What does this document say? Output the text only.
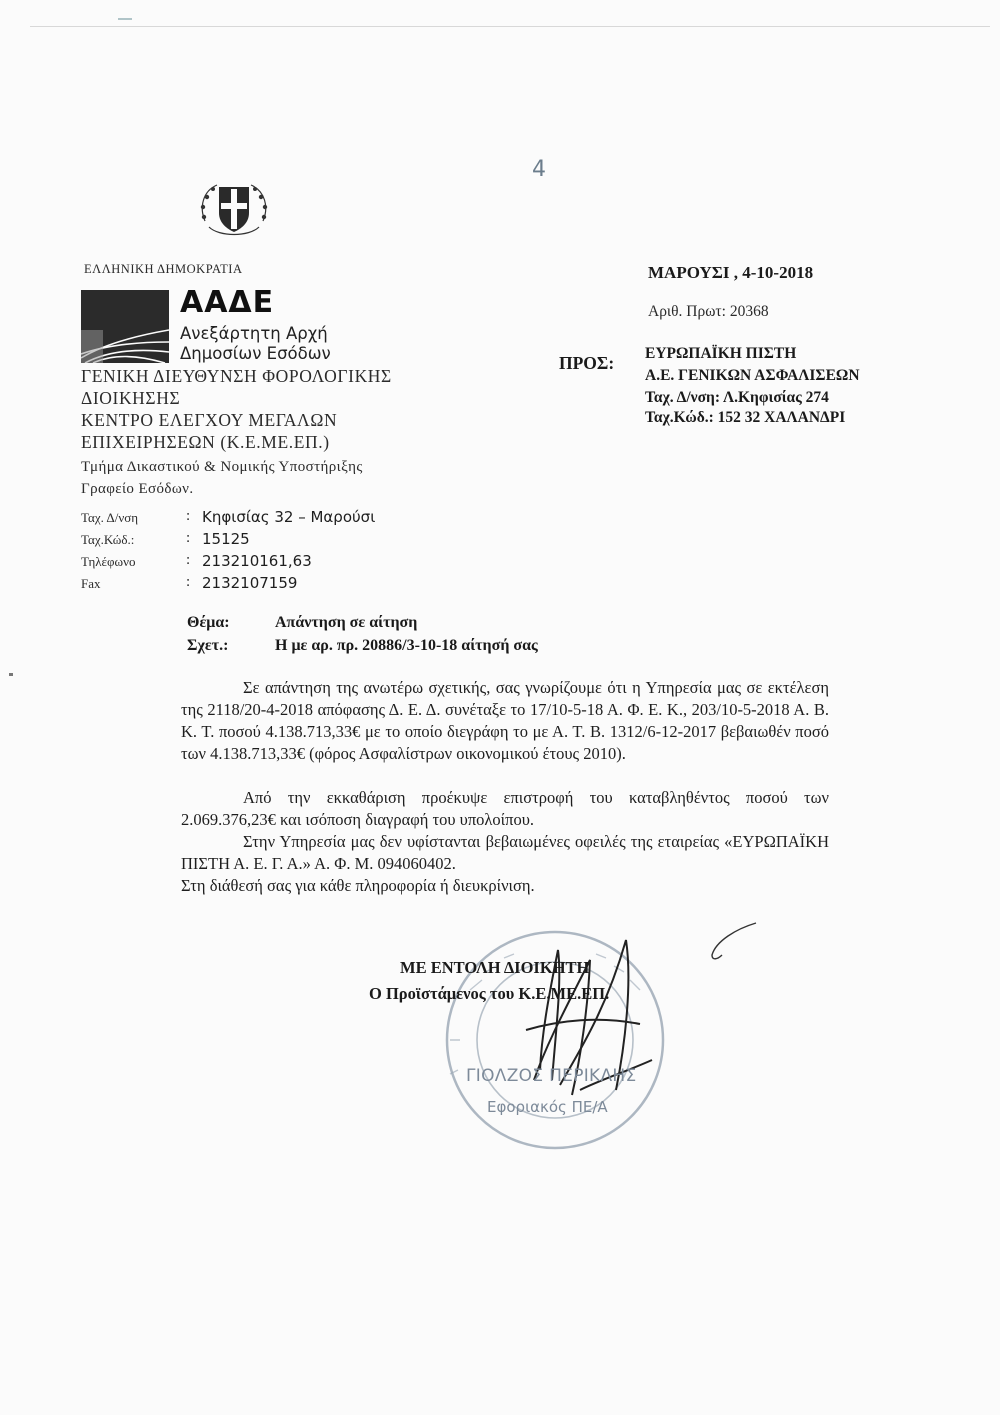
4
ΕΛΛΗΝΙΚΗ ΔΗΜΟΚΡΑΤΙΑ
ΑΑΔΕ
Ανεξάρτητη Αρχή
Δημοσίων Εσόδων
ΓΕΝΙΚΗ ΔΙΕΥΘΥΝΣΗ ΦΟΡΟΛΟΓΙΚΗΣ
ΔΙΟΙΚΗΣΗΣ
ΚΕΝΤΡΟ ΕΛΕΓΧΟΥ ΜΕΓΑΛΩΝ
ΕΠΙΧΕΙΡΗΣΕΩΝ (Κ.Ε.ΜΕ.ΕΠ.)
Τμήμα Δικαστικού & Νομικής Υποστήριξης
Γραφείο Εσόδων.
Ταχ. Δ/νση	: Κηφισίας 32 – Μαρούσι
Ταχ.Κώδ.:	: 15125
Τηλέφωνο	: 213210161,63
Fax	: 2132107159
ΜΑΡΟΥΣΙ , 4-10-2018
Αριθ. Πρωτ: 20368
ΠΡΟΣ: ΕΥΡΩΠΑΪΚΗ ΠΙΣΤΗ
Α.Ε. ΓΕΝΙΚΩΝ ΑΣΦΑΛΙΣΕΩΝ
Ταχ. Δ/νση: Λ.Κηφισίας 274
Ταχ.Κώδ.: 152 32 ΧΑΛΑΝΔΡΙ
Θέμα:	Απάντηση σε αίτηση
Σχετ.:	Η με αρ. πρ. 20886/3-10-18 αίτησή σας

Σε απάντηση της ανωτέρω σχετικής, σας γνωρίζουμε ότι η Υπηρεσία μας σε εκτέλεση της 2118/20-4-2018 απόφασης Δ. Ε. Δ. συνέταξε το 17/10-5-18 Α. Φ. Ε. Κ., 203/10-5-2018 Α. Β. Κ. Τ. ποσού 4.138.713,33€ με το οποίο διεγράφη το με Α. Τ. Β. 1312/6-12-2017 βεβαιωθέν ποσό των 4.138.713,33€ (φόρος Ασφαλίστρων οικονομικού έτους 2010).

Από την εκκαθάριση προέκυψε επιστροφή του καταβληθέντος ποσού των 2.069.376,23€ και ισόποση διαγραφή του υπολοίπου.

Στην Υπηρεσία μας δεν υφίστανται βεβαιωμένες οφειλές της εταιρείας «ΕΥΡΩΠΑΪΚΗ ΠΙΣΤΗ Α. Ε. Γ. Α.» Α. Φ. Μ. 094060402.

Στη διάθεσή σας για κάθε πληροφορία ή διευκρίνιση.

ΓΙΟΛΖΟΣ ΠΕΡΙΚΛΗΣ
Εφοριακός ΠΕ/Α
ΜΕ ΕΝΤΟΛΗ ΔΙΟΙΚΗΤΗ
Ο Προϊστάμενος του Κ.Ε.ΜΕ.ΕΠ.
